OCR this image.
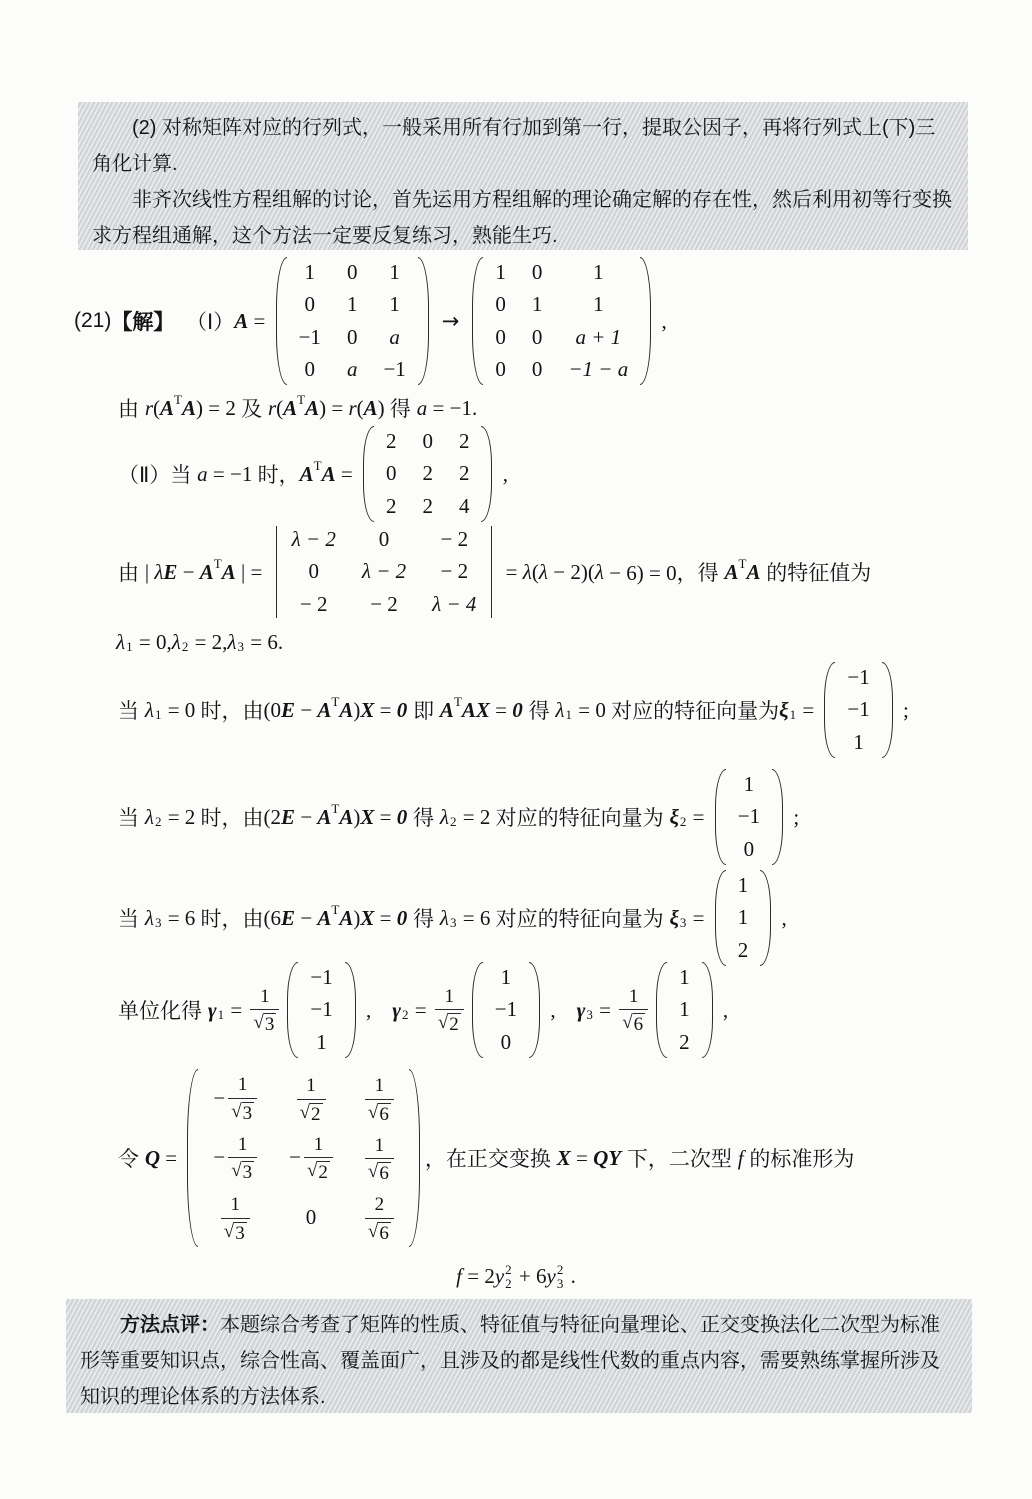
(2) 对称矩阵对应的行列式，一般采用所有行加到第一行，提取公因子，再将行列式上(下)三角化计算.

非齐次线性方程组解的讨论，首先运用方程组解的理论确定解的存在性，然后利用初等行变换求方程组通解，这个方法一定要反复练习，熟能生巧.

(21) 【解】
（Ⅰ） A =
1 0 1
0 1 1
−1 0 a
0 a −1
→
1 0 1
0 1 1
0 0 a + 1
0 0 −1 − a
,
由 r ( A T A ) = 2 及 r ( A T A ) = r ( A ) 得 a = −1.
（Ⅱ）当 a = −1 时， A T A =
2 0 2
0 2 2
2 2 4
,
由 | λ E − A T A | =
λ − 2 0 − 2
0 λ − 2 − 2
− 2 − 2 λ − 4
= λ ( λ − 2)( λ − 6) = 0， 得 A T A 的特征值为
λ 1 = 0, λ 2 = 2, λ 3 = 6.
当 λ 1 = 0 时，由 (0 E − A T A ) X = 0 即 A T AX = 0 得 λ 1 = 0 对应的特征向量为 ξ 1 =
−1
−1
1
;
当 λ 2 = 2 时，由 (2 E − A T A ) X = 0 得 λ 2 = 2 对应的特征向量为 ξ 2 =
1
−1
0
;
当 λ 3 = 6 时，由 (6 E − A T A ) X = 0 得 λ 3 = 6 对应的特征向量为 ξ 3 =
1
1
2
,
单位化得 γ $1 = \frac{1}{√ 3}$
−1
−1
1
, γ $2 = \frac{1}{√ 2}$
1
−1
0
, γ $3 = \frac{1}{√ 6}$
1
1
2
,
令 Q =
− $\frac{1}{√ 3} \frac{1}{√ 2} \frac{1}{√ 6}$
− $\frac{1}{√ 3} - \frac{1}{√ 2} \frac{1}{√ 6}$
$\frac{1}{√ 3}$	0	$\frac{2}{√ 6}$
，在正交变换 X = QY 下，二次型 f 的标准形为
f = 2 y 2
2 + 6 y 2
3 .

方法点评：本题综合考查了矩阵的性质、特征值与特征向量理论、正交变换法化二次型为标准形等重要知识点，综合性高、覆盖面广，且涉及的都是线性代数的重点内容，需要熟练掌握所涉及知识的理论体系的方法体系.
